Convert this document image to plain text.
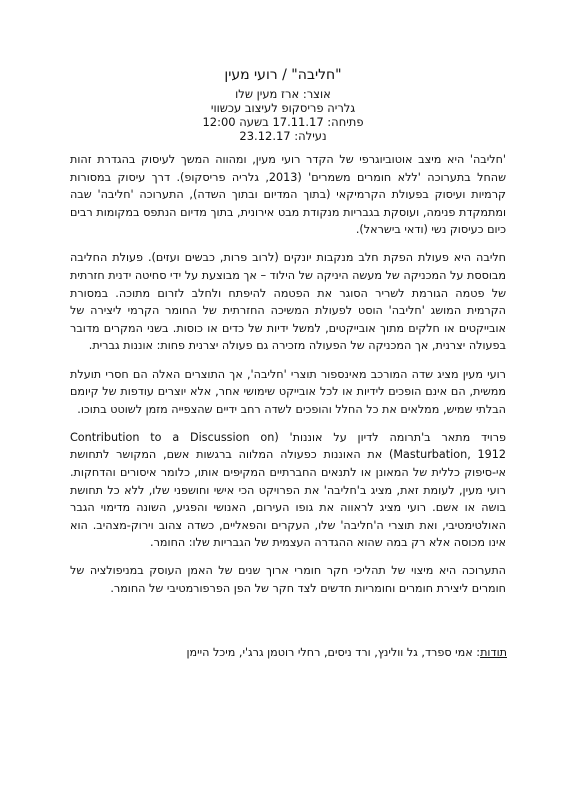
"חליבה" / רועי מעין
אוצר: ארז מעין שלו
גלריה פריסקופ לעיצוב עכשווי
פתיחה: 17.11.17 בשעה 12:00
נעילה: 23.12.17

'חליבה' היא מיצב אוטוביוגרפי של הקדר רועי מעין, ומהווה המשך לעיסוק בהגדרת זהות שהחל בתערוכה 'ללא חומרים משמרים' (2013, גלריה פריסקופ). דרך עיסוק במסורות קרמיות ועיסוק בפעולת הקרמיקאי (בתוך המדיום ובתוך השדה), התערוכה 'חליבה' שבה ומתמקדת פנימה, ועוסקת בגבריות מנקודת מבט אירונית, בתוך מדיום הנתפס במקומות רבים כיום כעיסוק נשי (ודאי בישראל).

חליבה היא פעולת הפקת חלב מנקבות יונקים (לרוב פרות, כבשים ועזים). פעולת החליבה מבוססת על המכניקה של מעשה היניקה של הילוד – אך מבוצעת על ידי סחיטה ידנית חזרתית של פטמה הגורמת לשריר הסוגר את הפטמה להיפתח ולחלב לזרום מתוכה. במסורת הקרמית המושג 'חליבה' הוסט לפעולת המשיכה החזרתית של החומר הקרמי ליצירה של אובייקטים או חלקים מתוך אובייקטים, למשל ידיות של כדים או כוסות. בשני המקרים מדובר בפעולה יצרנית, אך המכניקה של הפעולה מזכירה גם פעולה יצרנית פחות: אוננות גברית.

רועי מעין מציג שדה המורכב מאינספור תוצרי 'חליבה', אך התוצרים האלה הם חסרי תועלת ממשית, הם אינם הופכים לידיות או לכל אובייקט שימושי אחר, אלא יוצרים עודפות של קיומם הבלתי שמיש, ממלאים את כל החלל והופכים לשדה רחב ידיים שהצפייה מזמן לשוטט בתוכו.

פרויד מתאר ב'תרומה לדיון על אוננות' (Contribution to a Discussion on Masturbation, 1912) את האוננות כפעולה המלווה ברגשות אשם, המקושר לתחושת אי-סיפוק כללית של המאונן או לתנאים החברתיים המקיפים אותו, כלומר איסורים והדחקות. רועי מעין, לעומת זאת, מציג ב'חליבה' את הפרויקט הכי אישי וחושפני שלו, ללא כל תחושת בושה או אשם. רועי מציג לראווה את גופו העירום, האנושי והפגיע, השונה מדימוי הגבר האולטימטיבי, ואת תוצרי ה'חליבה' שלו, העקרים והפאליים, כשדה צהוב וירוק-מצהיב. הוא אינו מכוסה אלא רק במה שהוא ההגדרה העצמית של הגבריות שלו: החומר.

התערוכה היא מיצוי של תהליכי חקר חומרי ארוך שנים של האמן העוסק במניפולציה של חומרים ליצירת חומרים וחומריות חדשים לצד חקר של הפן הפרפורמטיבי של החומר.

תודות: אמי ספרד, גל וולינץ, ורד ניסים, רחלי רוטמן גרג'י, מיכל היימן
